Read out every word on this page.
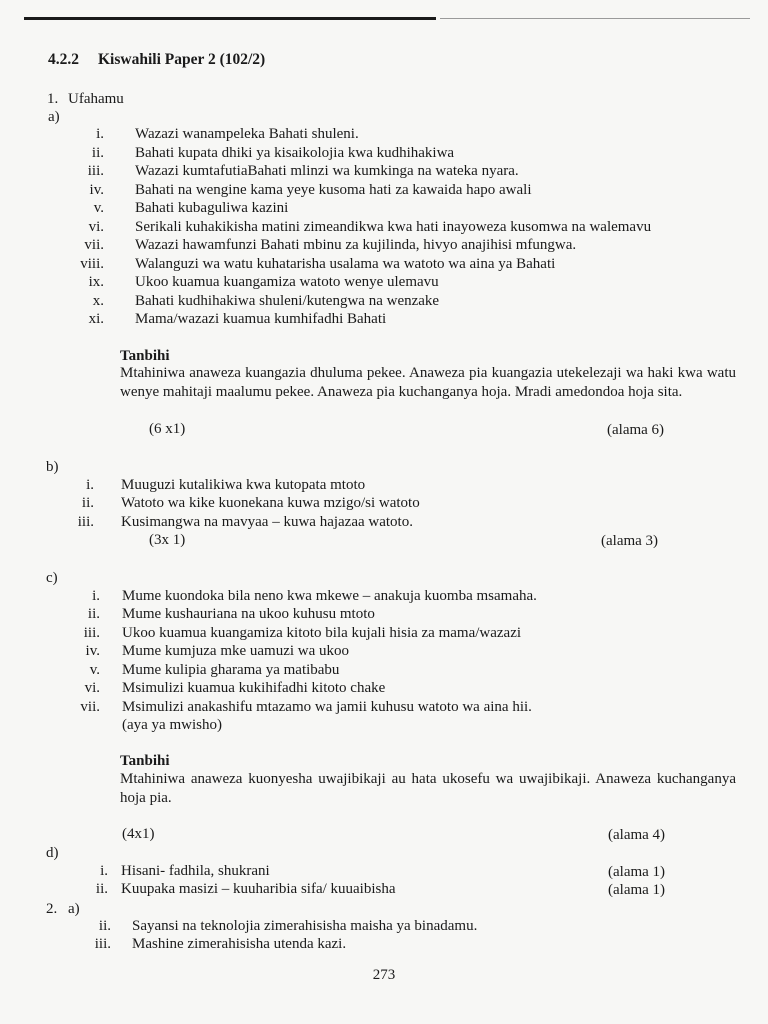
4.2.2 Kiswahili Paper 2 (102/2)
1. Ufahamu
a)
i. Wazazi wanampeleka Bahati shuleni.
ii. Bahati kupata dhiki ya kisaikolojia kwa kudhihakiwa
iii. Wazazi kumtafutiaBahati mlinzi wa kumkinga na wateka nyara.
iv. Bahati na wengine kama yeye kusoma hati za kawaida hapo awali
v. Bahati kubaguliwa kazini
vi. Serikali kuhakikisha matini zimeandikwa kwa hati inayoweza kusomwa na walemavu
vii. Wazazi hawamfunzi Bahati mbinu za kujilinda, hivyo anajihisi mfungwa.
viii. Walanguzi wa watu kuhatarisha usalama wa watoto wa aina ya Bahati
ix. Ukoo kuamua kuangamiza watoto wenye ulemavu
x. Bahati kudhihakiwa shuleni/kutengwa na wenzake
xi. Mama/wazazi kuamua kumhifadhi Bahati
Tanbihi
Mtahiniwa anaweza kuangazia dhuluma pekee. Anaweza pia kuangazia utekelezaji wa haki kwa watu wenye mahitaji maalumu pekee. Anaweza pia kuchanganya hoja. Mradi amedondoa hoja sita.
(6 x1)	(alama 6)
b)
i. Muuguzi kutalikiwa kwa kutopata mtoto
ii. Watoto wa kike kuonekana kuwa mzigo/si watoto
iii. Kusimangwa na mavyaa – kuwa hajazaa watoto.
(3x 1)	(alama 3)
c)
i. Mume kuondoka bila neno kwa mkewe – anakuja kuomba msamaha.
ii. Mume kushauriana na ukoo kuhusu mtoto
iii. Ukoo kuamua kuangamiza kitoto bila kujali hisia za mama/wazazi
iv. Mume kumjuza mke uamuzi wa ukoo
v. Mume kulipia gharama ya matibabu
vi. Msimulizi kuamua kukihifadhi kitoto chake
vii. Msimulizi anakashifu mtazamo wa jamii kuhusu watoto wa aina hii.
(aya ya mwisho)
Tanbihi
Mtahiniwa anaweza kuonyesha uwajibikaji au hata ukosefu wa uwajibikaji. Anaweza kuchanganya hoja pia.
(4x1)	(alama 4)
d)
i. Hisani- fadhila, shukrani	(alama 1)
ii. Kuupaka masizi – kuuharibia sifa/ kuuaibisha	(alama 1)
2. a)
ii. Sayansi na teknolojia zimerahisisha maisha ya binadamu.
iii. Mashine zimerahisisha utenda kazi.
273
